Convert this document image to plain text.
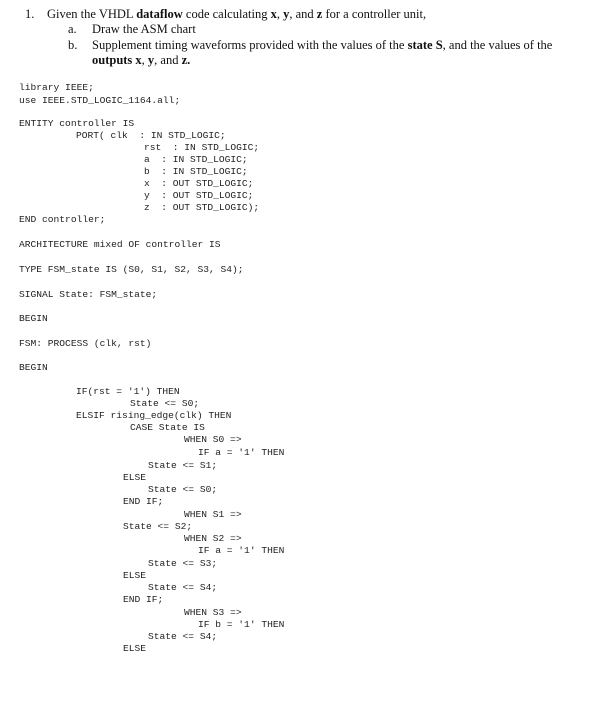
1. Given the VHDL dataflow code calculating x, y, and z for a controller unit,
a. Draw the ASM chart
b. Supplement timing waveforms provided with the values of the state S, and the values of the
outputs x, y, and z.
library IEEE;
use IEEE.STD_LOGIC_1164.all;
ENTITY controller IS
PORT( clk  : IN STD_LOGIC;
rst  : IN STD_LOGIC;
a  : IN STD_LOGIC;
b  : IN STD_LOGIC;
x  : OUT STD_LOGIC;
y  : OUT STD_LOGIC;
z  : OUT STD_LOGIC);
END controller;
ARCHITECTURE mixed OF controller IS
TYPE FSM_state IS (S0, S1, S2, S3, S4);
SIGNAL State: FSM_state;
BEGIN
FSM: PROCESS (clk, rst)
BEGIN
IF(rst = '1') THEN
State <= S0;
ELSIF rising_edge(clk) THEN
CASE State IS
WHEN S0 =>
IF a = '1' THEN
State <= S1;
ELSE
State <= S0;
END IF;
WHEN S1 =>
State <= S2;
WHEN S2 =>
IF a = '1' THEN
State <= S3;
ELSE
State <= S4;
END IF;
WHEN S3 =>
IF b = '1' THEN
State <= S4;
ELSE
